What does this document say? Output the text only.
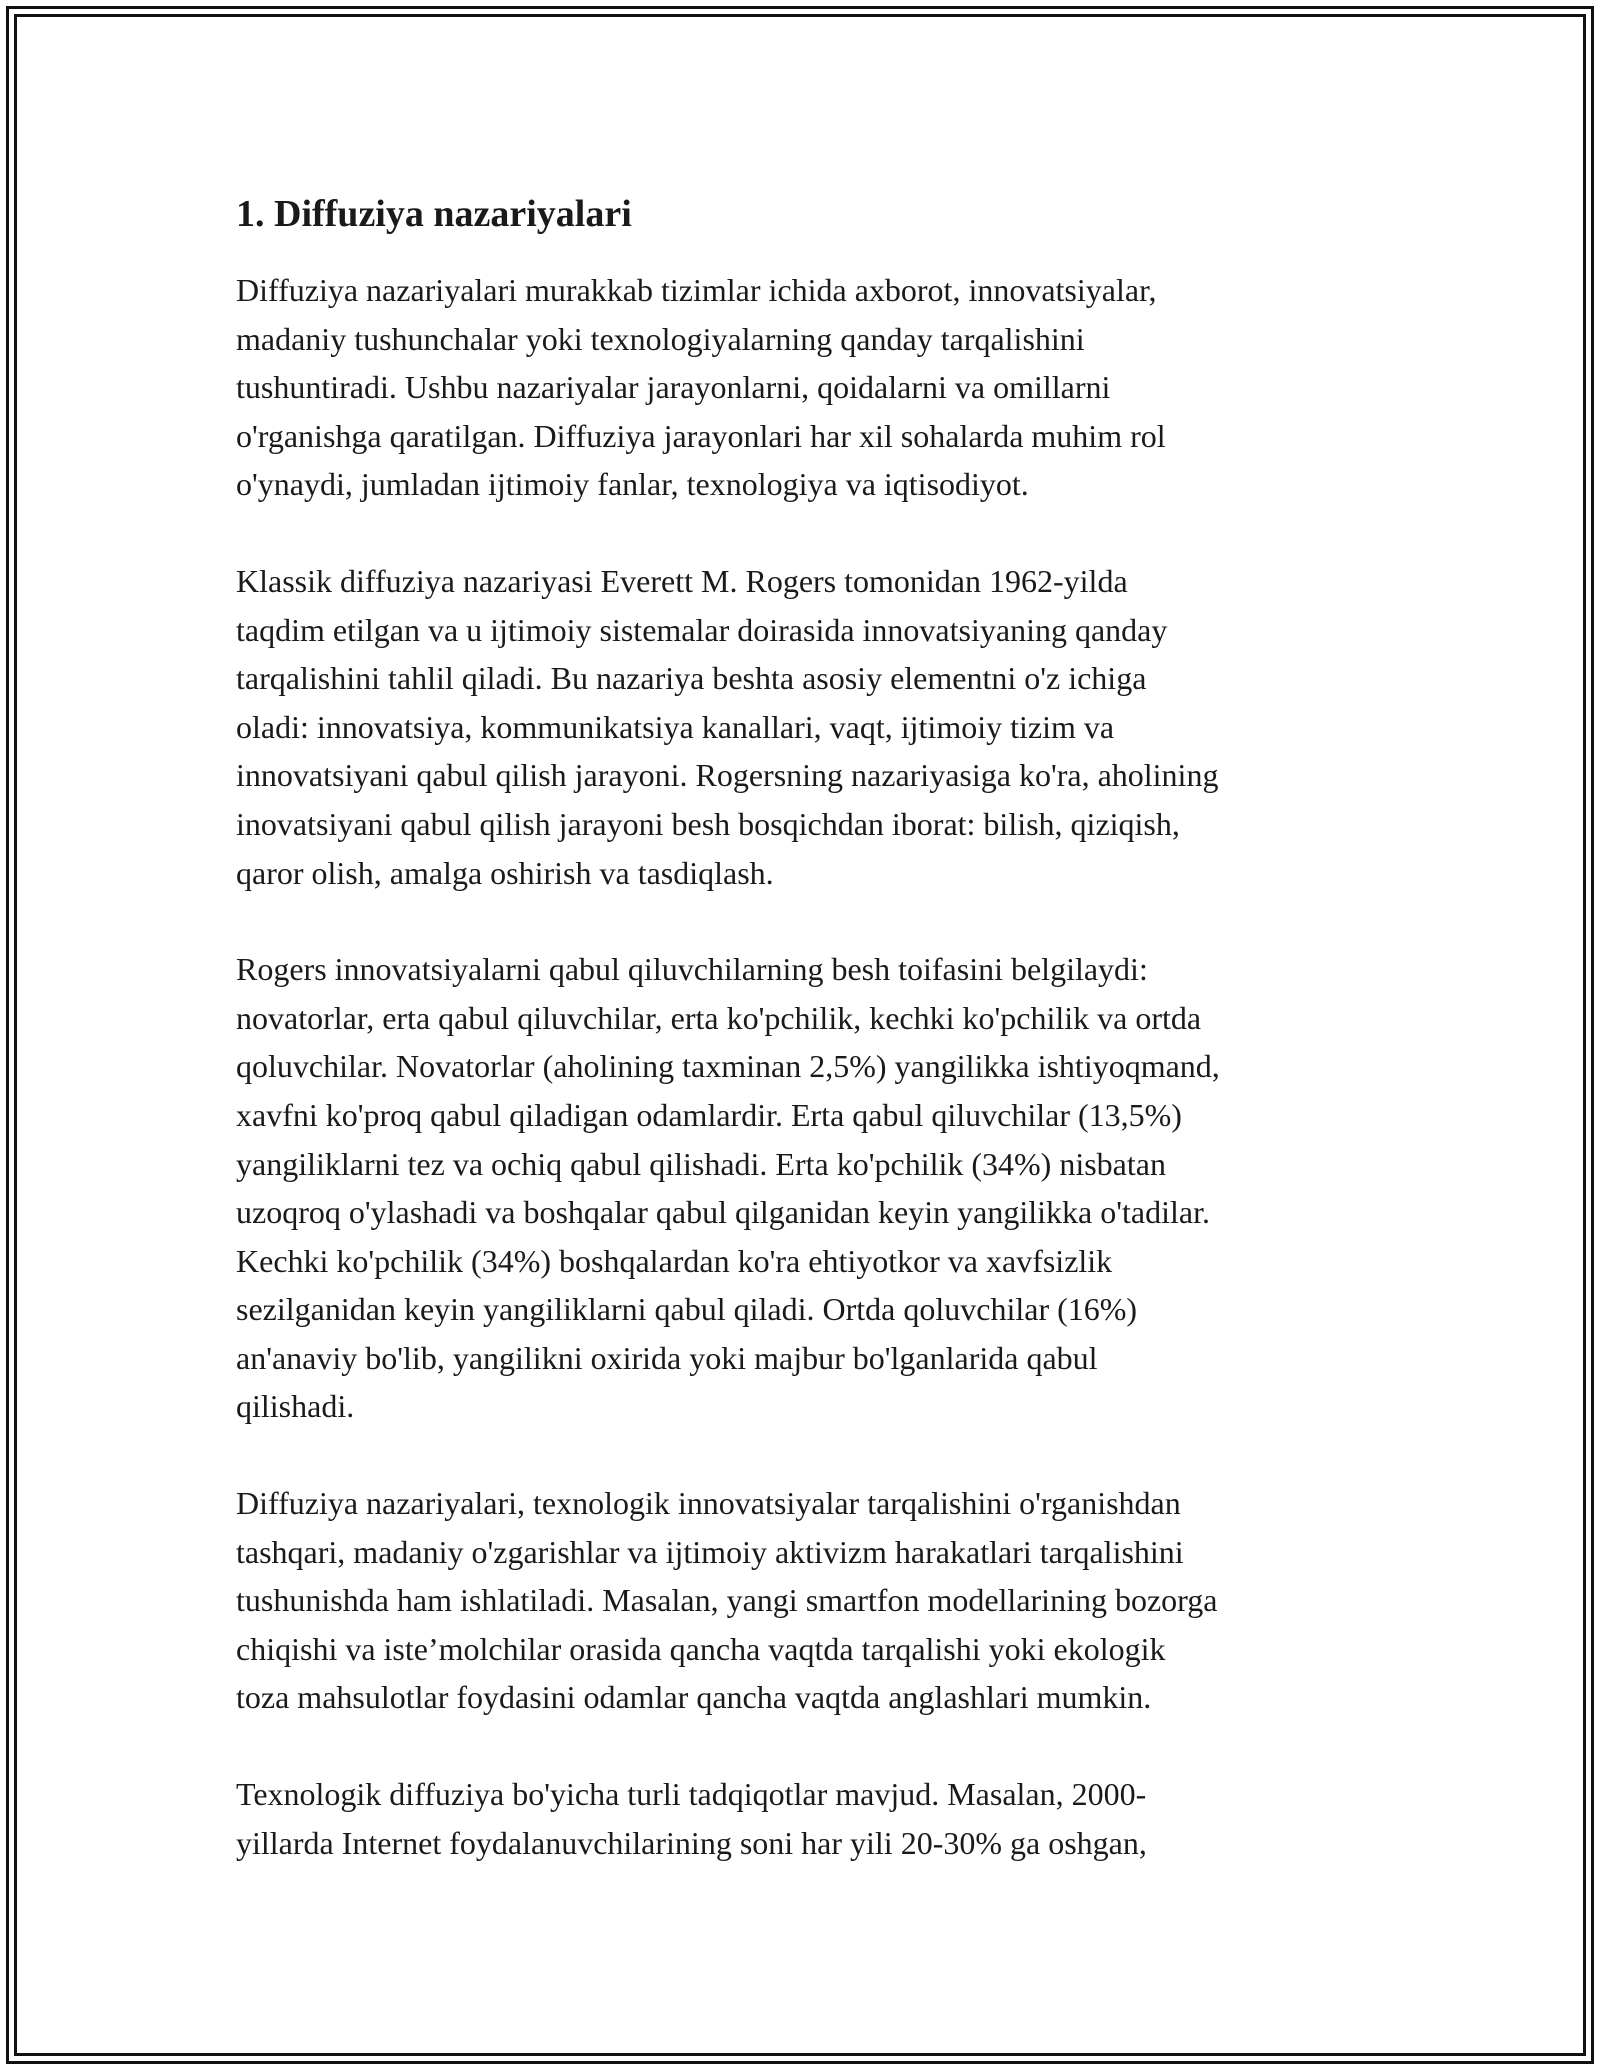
1. Diffuziya nazariyalari

Diffuziya nazariyalari murakkab tizimlar ichida axborot, innovatsiyalar,
madaniy tushunchalar yoki texnologiyalarning qanday tarqalishini
tushuntiradi. Ushbu nazariyalar jarayonlarni, qoidalarni va omillarni
o'rganishga qaratilgan. Diffuziya jarayonlari har xil sohalarda muhim rol
o'ynaydi, jumladan ijtimoiy fanlar, texnologiya va iqtisodiyot.

Klassik diffuziya nazariyasi Everett M. Rogers tomonidan 1962-yilda
taqdim etilgan va u ijtimoiy sistemalar doirasida innovatsiyaning qanday
tarqalishini tahlil qiladi. Bu nazariya beshta asosiy elementni o'z ichiga
oladi: innovatsiya, kommunikatsiya kanallari, vaqt, ijtimoiy tizim va
innovatsiyani qabul qilish jarayoni. Rogersning nazariyasiga ko'ra, aholining
inovatsiyani qabul qilish jarayoni besh bosqichdan iborat: bilish, qiziqish,
qaror olish, amalga oshirish va tasdiqlash.

Rogers innovatsiyalarni qabul qiluvchilarning besh toifasini belgilaydi:
novatorlar, erta qabul qiluvchilar, erta ko'pchilik, kechki ko'pchilik va ortda
qoluvchilar. Novatorlar (aholining taxminan 2,5%) yangilikka ishtiyoqmand,
xavfni ko'proq qabul qiladigan odamlardir. Erta qabul qiluvchilar (13,5%)
yangiliklarni tez va ochiq qabul qilishadi. Erta ko'pchilik (34%) nisbatan
uzoqroq o'ylashadi va boshqalar qabul qilganidan keyin yangilikka o'tadilar.
Kechki ko'pchilik (34%) boshqalardan ko'ra ehtiyotkor va xavfsizlik
sezilganidan keyin yangiliklarni qabul qiladi. Ortda qoluvchilar (16%)
an'anaviy bo'lib, yangilikni oxirida yoki majbur bo'lganlarida qabul
qilishadi.

Diffuziya nazariyalari, texnologik innovatsiyalar tarqalishini o'rganishdan
tashqari, madaniy o'zgarishlar va ijtimoiy aktivizm harakatlari tarqalishini
tushunishda ham ishlatiladi. Masalan, yangi smartfon modellarining bozorga
chiqishi va iste’molchilar orasida qancha vaqtda tarqalishi yoki ekologik
toza mahsulotlar foydasini odamlar qancha vaqtda anglashlari mumkin.

Texnologik diffuziya bo'yicha turli tadqiqotlar mavjud. Masalan, 2000-
yillarda Internet foydalanuvchilarining soni har yili 20-30% ga oshgan,
